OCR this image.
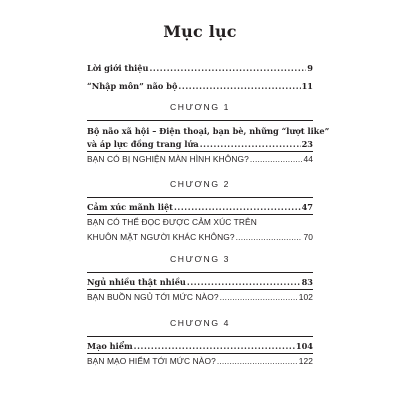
Mục lục
Lời giới thiệu .....	9
“Nhập môn” não bộ .....	11
CHƯƠNG 1
Bộ não xã hội – Điện thoại, bạn bè, những “lượt like”
và áp lực đồng trang lứa .....	23
BẠN CÓ BỊ NGHIỆN MÀN HÌNH KHÔNG? .....	44
CHƯƠNG 2
Cảm xúc mãnh liệt .....	47
BẠN CÓ THỂ ĐỌC ĐƯỢC CẢM XÚC TRÊN
KHUÔN MẶT NGƯỜI KHÁC KHÔNG? .....	70
CHƯƠNG 3
Ngủ nhiều thật nhiều .....	83
BẠN BUỒN NGỦ TỚI MỨC NÀO? .....	102
CHƯƠNG 4
Mạo hiểm .....	104
BẠN MẠO HIỂM TỚI MỨC NÀO? .....	122
